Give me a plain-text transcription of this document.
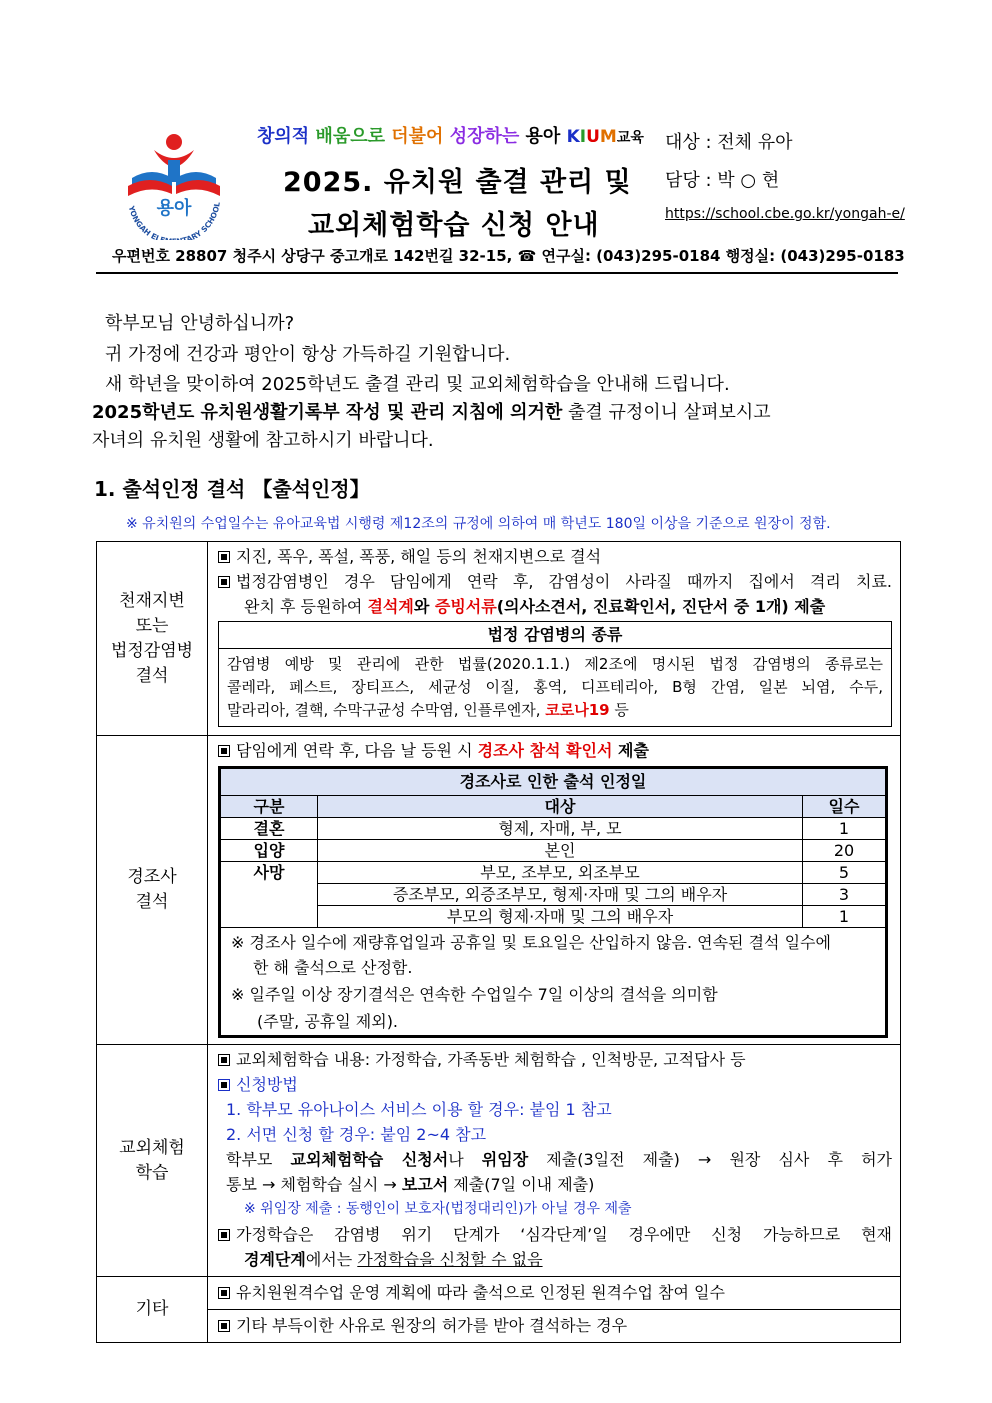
YONGAH ELE ARY SCHOOL
용아
창의적 배움으로 더불어 성장하는 용아 KIUM교육
2025. 유치원 출결 관리 및
교외체험학습 신청 안내
대상 : 전체 유아
담당 : 박 ○ 현
https://school.cbe.go.kr/yongah-e/
우편번호 28807 청주시 상당구 중고개로 142번길 32-15, ☎ 연구실: (043)295-0184 행정실: (043)295-0183
학부모님 안녕하십니까?
귀 가정에 건강과 평안이 항상 가득하길 기원합니다.
새 학년을 맞이하여 2025학년도 출결 관리 및 교외체험학습을 안내해 드립니다.
2025학년도 유치원생활기록부 작성 및 관리 지침에 의거한 출결 규정이니 살펴보시고
자녀의 유치원 생활에 참고하시기 바랍니다.
1. 출석인정 결석 【출석인정】
※ 유치원의 수업일수는 유아교육법 시행령 제12조의 규정에 의하여 매 학년도 180일 이상을 기준으로 원장이 정함.
천재지변
또는
법정감염병
결석

지진, 폭우, 폭설, 폭풍, 해일 등의 천재지변으로 결석
법정감염병인 경우 담임에게 연락 후, 감염성이 사라질 때까지 집에서 격리 치료.
완치 후 등원하여 결석계와 증빙서류(의사소견서, 진료확인서, 진단서 중 1개) 제출
법정 감염병의 종류
감염병 예방 및 관리에 관한 법률(2020.1.1.) 제2조에 명시된 법정 감염병의 종류로는
콜레라, 페스트, 장티프스, 세균성 이질, 홍역, 디프테리아, B형 간염, 일본 뇌염, 수두,
말라리아, 결핵, 수막구균성 수막염, 인플루엔자, 코로나19 등

경조사
결석

담임에게 연락 후, 다음 날 등원 시 경조사 참석 확인서 제출
경조사로 인한 출석 인정일
구분	대상	일수
결혼	형제, 자매, 부, 모	1
입양	본인	20
사망	부모, 조부모, 외조부모	5
증조부모, 외증조부모, 형제·자매 및 그의 배우자	3
부모의 형제·자매 및 그의 배우자	1

※ 경조사 일수에 재량휴업일과 공휴일 및 토요일은 산입하지 않음. 연속된 결석 일수에
한 해 출석으로 산정함.
※ 일주일 이상 장기결석은 연속한 수업일수 7일 이상의 결석을 의미함
(주말, 공휴일 제외).

교외체험
학습

교외체험학습 내용: 가정학습, 가족동반 체험학습 , 인척방문, 고적답사 등
신청방법
1. 학부모 유아나이스 서비스 이용 할 경우: 붙임 1 참고
2. 서면 신청 할 경우: 붙임 2~4 참고
학부모 교외체험학습 신청서나 위임장 제출(3일전 제출) → 원장 심사 후 허가
통보 → 체험학습 실시 → 보고서 제출(7일 이내 제출)
※ 위임장 제출 : 동행인이 보호자(법정대리인)가 아닐 경우 제출
가정학습은 감염병 위기 단계가 ‘심각단계’일 경우에만 신청 가능하므로 현재
경계단계에서는 가정학습을 신청할 수 없음

기타	
유치원원격수업 운영 계획에 따라 출석으로 인정된 원격수업 참여 일수

기타 부득이한 사유로 원장의 허가를 받아 결석하는 경우
